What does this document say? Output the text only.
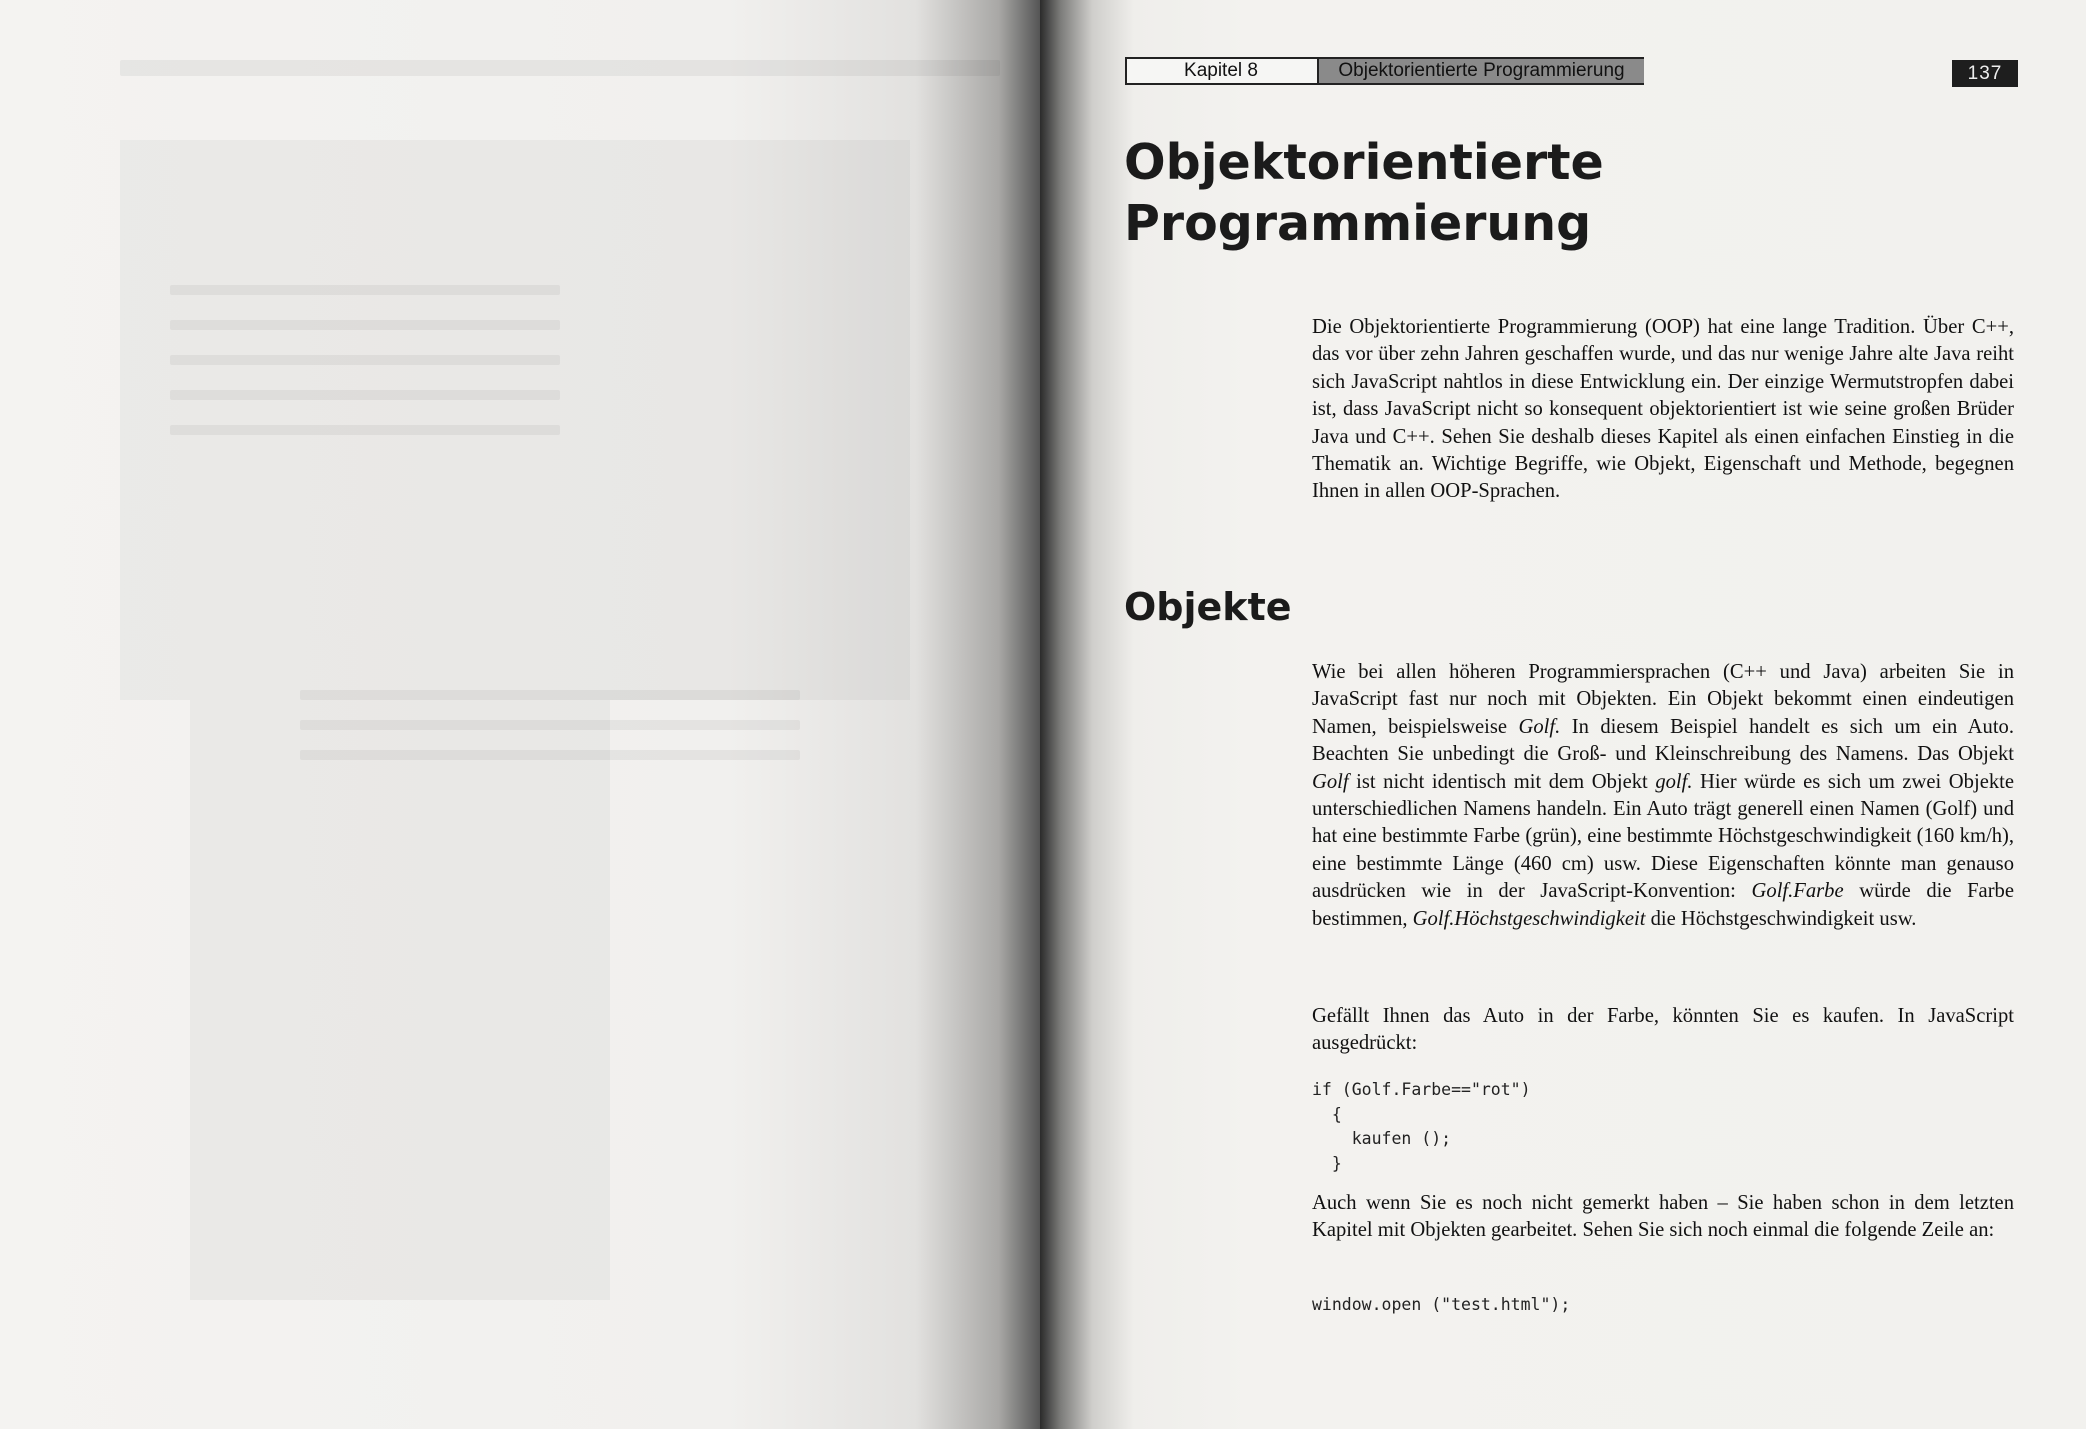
Kapitel 8	Objektorientierte Programmierung	137
Objektorientierte
Programmierung
Die Objektorientierte Programmierung (OOP) hat eine lange Tradition. Über C++, das vor über zehn Jahren geschaffen wurde, und das nur wenige Jahre alte Java reiht sich JavaScript nahtlos in diese Entwicklung ein. Der einzige Wermutstropfen dabei ist, dass JavaScript nicht so konsequent objektorientiert ist wie seine großen Brüder Java und C++. Sehen Sie deshalb dieses Kapitel als einen einfachen Einstieg in die Thematik an. Wichtige Begriffe, wie Objekt, Eigenschaft und Methode, begegnen Ihnen in allen OOP-Sprachen.
Objekte
Wie bei allen höheren Programmiersprachen (C++ und Java) arbeiten Sie in JavaScript fast nur noch mit Objekten. Ein Objekt bekommt einen eindeutigen Namen, beispielsweise Golf. In diesem Beispiel handelt es sich um ein Auto. Beachten Sie unbedingt die Groß- und Kleinschreibung des Namens. Das Objekt Golf ist nicht identisch mit dem Objekt golf. Hier würde es sich um zwei Objekte unterschiedlichen Namens handeln. Ein Auto trägt generell einen Namen (Golf) und hat eine bestimmte Farbe (grün), eine bestimmte Höchstgeschwindigkeit (160 km/h), eine bestimmte Länge (460 cm) usw. Diese Eigenschaften könnte man genauso ausdrücken wie in der JavaScript-Konvention: Golf.Farbe würde die Farbe bestimmen, Golf.Höchstgeschwindigkeit die Höchstgeschwindigkeit usw.
Gefällt Ihnen das Auto in der Farbe, könnten Sie es kaufen. In JavaScript ausgedrückt:
if (Golf.Farbe=="rot")
{
kaufen ();
}
Auch wenn Sie es noch nicht gemerkt haben – Sie haben schon in dem letzten Kapitel mit Objekten gearbeitet. Sehen Sie sich noch einmal die folgende Zeile an:
window.open ("test.html");
